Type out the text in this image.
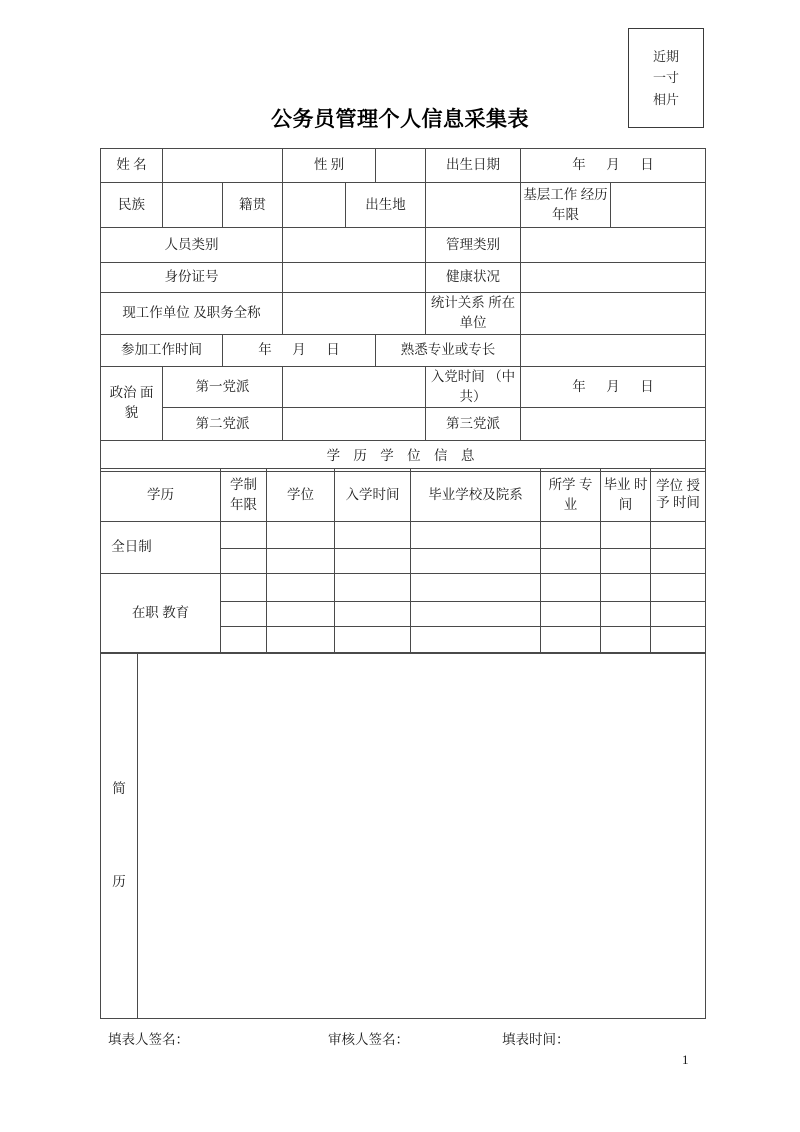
近期
一寸
相片
公务员管理个人信息采集表
姓 名			性 别			出生日期	年 月 日	
民族		籍贯		出生地			基层工作 经历年限	
人员类别						管理类别		
身份证号						健康状况		
现工作单位 及职务全称						统计关系 所在单位		
参加工作时间		年 月 日			熟悉专业或专长			
政治 面貌	第一党派					入党时间 （中共）	年 月 日	
	第二党派					第三党派		
学 历 学 位 信 息								
学历	学制 年限	学位	入学时间	毕业学校及院系	所学 专业	毕业 时间	学位 授予 时间

全日制							

在职 教育							

简
历

填表人签名：	审核人签名：	填表时间：
1
